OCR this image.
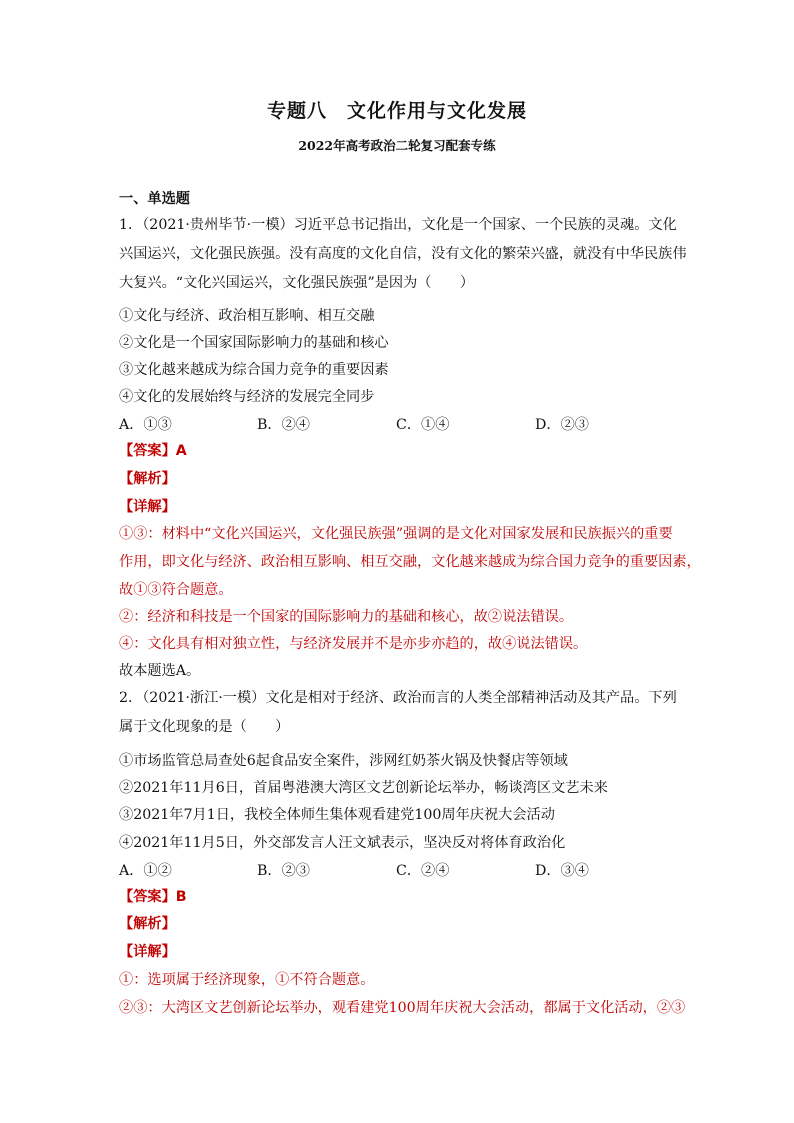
专题八　文化作用与文化发展
2022年高考政治二轮复习配套专练
一、单选题
1．（2021·贵州毕节·一模）习近平总书记指出，文化是一个国家、一个民族的灵魂。文化
兴国运兴，文化强民族强。没有高度的文化自信，没有文化的繁荣兴盛，就没有中华民族伟
大复兴。“文化兴国运兴，文化强民族强”是因为（　　）
①文化与经济、政治相互影响、相互交融
②文化是一个国家国际影响力的基础和核心
③文化越来越成为综合国力竞争的重要因素
④文化的发展始终与经济的发展完全同步
A．①③	B．②④	C．①④	D．②③
【答案】A
【解析】
【详解】
①③：材料中“文化兴国运兴，文化强民族强”强调的是文化对国家发展和民族振兴的重要
作用，即文化与经济、政治相互影响、相互交融，文化越来越成为综合国力竞争的重要因素，
故①③符合题意。
②：经济和科技是一个国家的国际影响力的基础和核心，故②说法错误。
④：文化具有相对独立性，与经济发展并不是亦步亦趋的，故④说法错误。
故本题选A。
2．（2021·浙江·一模）文化是相对于经济、政治而言的人类全部精神活动及其产品。下列
属于文化现象的是（　　）
①市场监管总局查处6起食品安全案件，涉网红奶茶火锅及快餐店等领域
②2021年11月6日，首届粤港澳大湾区文艺创新论坛举办，畅谈湾区文艺未来
③2021年7月1日，我校全体师生集体观看建党100周年庆祝大会活动
④2021年11月5日，外交部发言人汪文斌表示，坚决反对将体育政治化
A．①②	B．②③	C．②④	D．③④
【答案】B
【解析】
【详解】
①：选项属于经济现象，①不符合题意。
②③：大湾区文艺创新论坛举办，观看建党100周年庆祝大会活动，都属于文化活动，②③
